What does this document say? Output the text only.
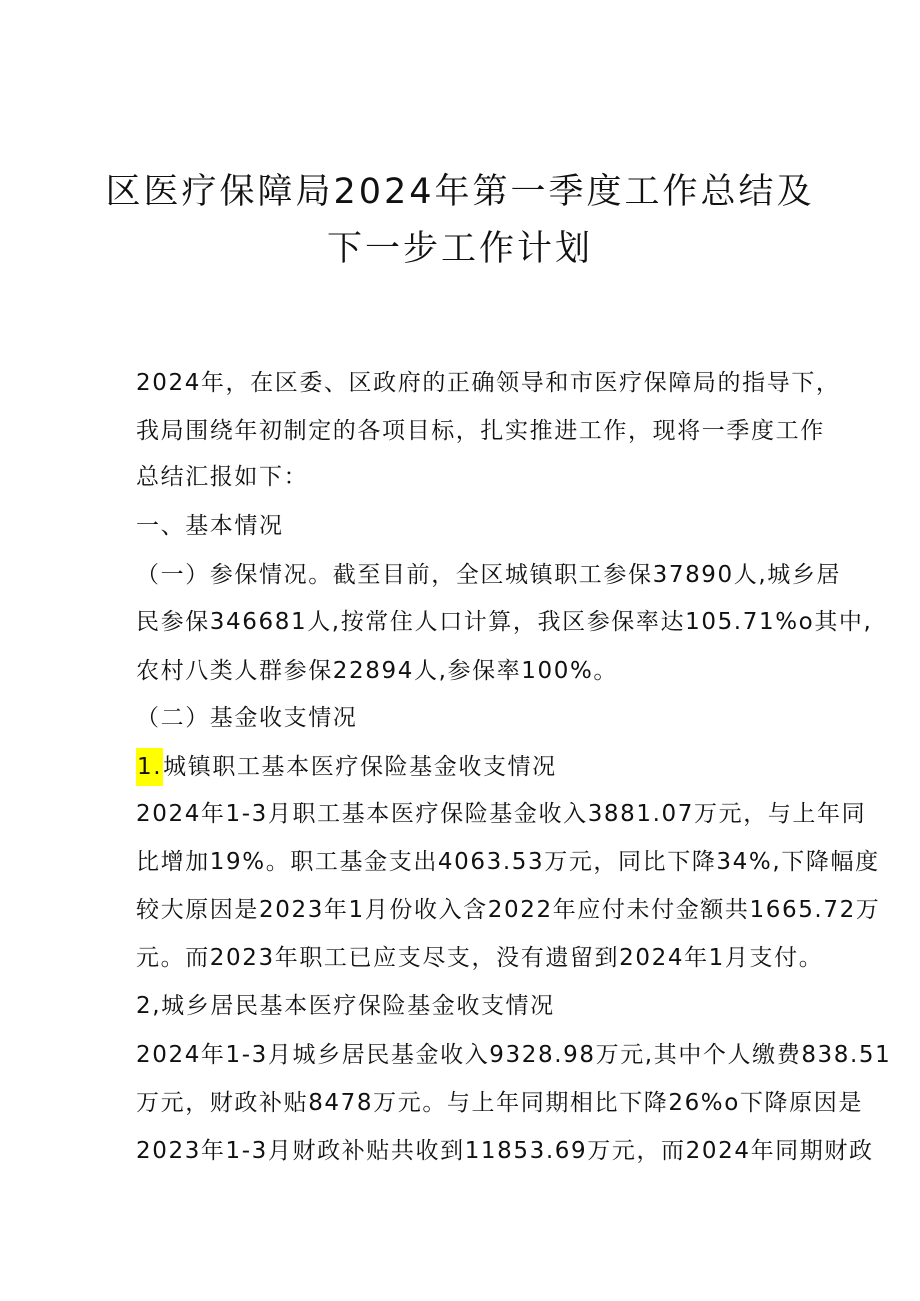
区医疗保障局2024年第一季度工作总结及
下一步工作计划

2024年，在区委、区政府的正确领导和市医疗保障局的指导下，

我局围绕年初制定的各项目标，扎实推进工作，现将一季度工作

总结汇报如下：

一、基本情况

（一）参保情况。截至目前，全区城镇职工参保37890人,城乡居

民参保346681人,按常住人口计算，我区参保率达105.71%o其中,

农村八类人群参保22894人,参保率100%。

（二）基金收支情况

1.城镇职工基本医疗保险基金收支情况

2024年1-3月职工基本医疗保险基金收入3881.07万元，与上年同

比增加19%。职工基金支出4063.53万元，同比下降34%,下降幅度

较大原因是2023年1月份收入含2022年应付未付金额共1665.72万

元。而2023年职工已应支尽支，没有遗留到2024年1月支付。

2,城乡居民基本医疗保险基金收支情况

2024年1-3月城乡居民基金收入9328.98万元,其中个人缴费838.51

万元，财政补贴8478万元。与上年同期相比下降26%o下降原因是

2023年1-3月财政补贴共收到11853.69万元，而2024年同期财政
